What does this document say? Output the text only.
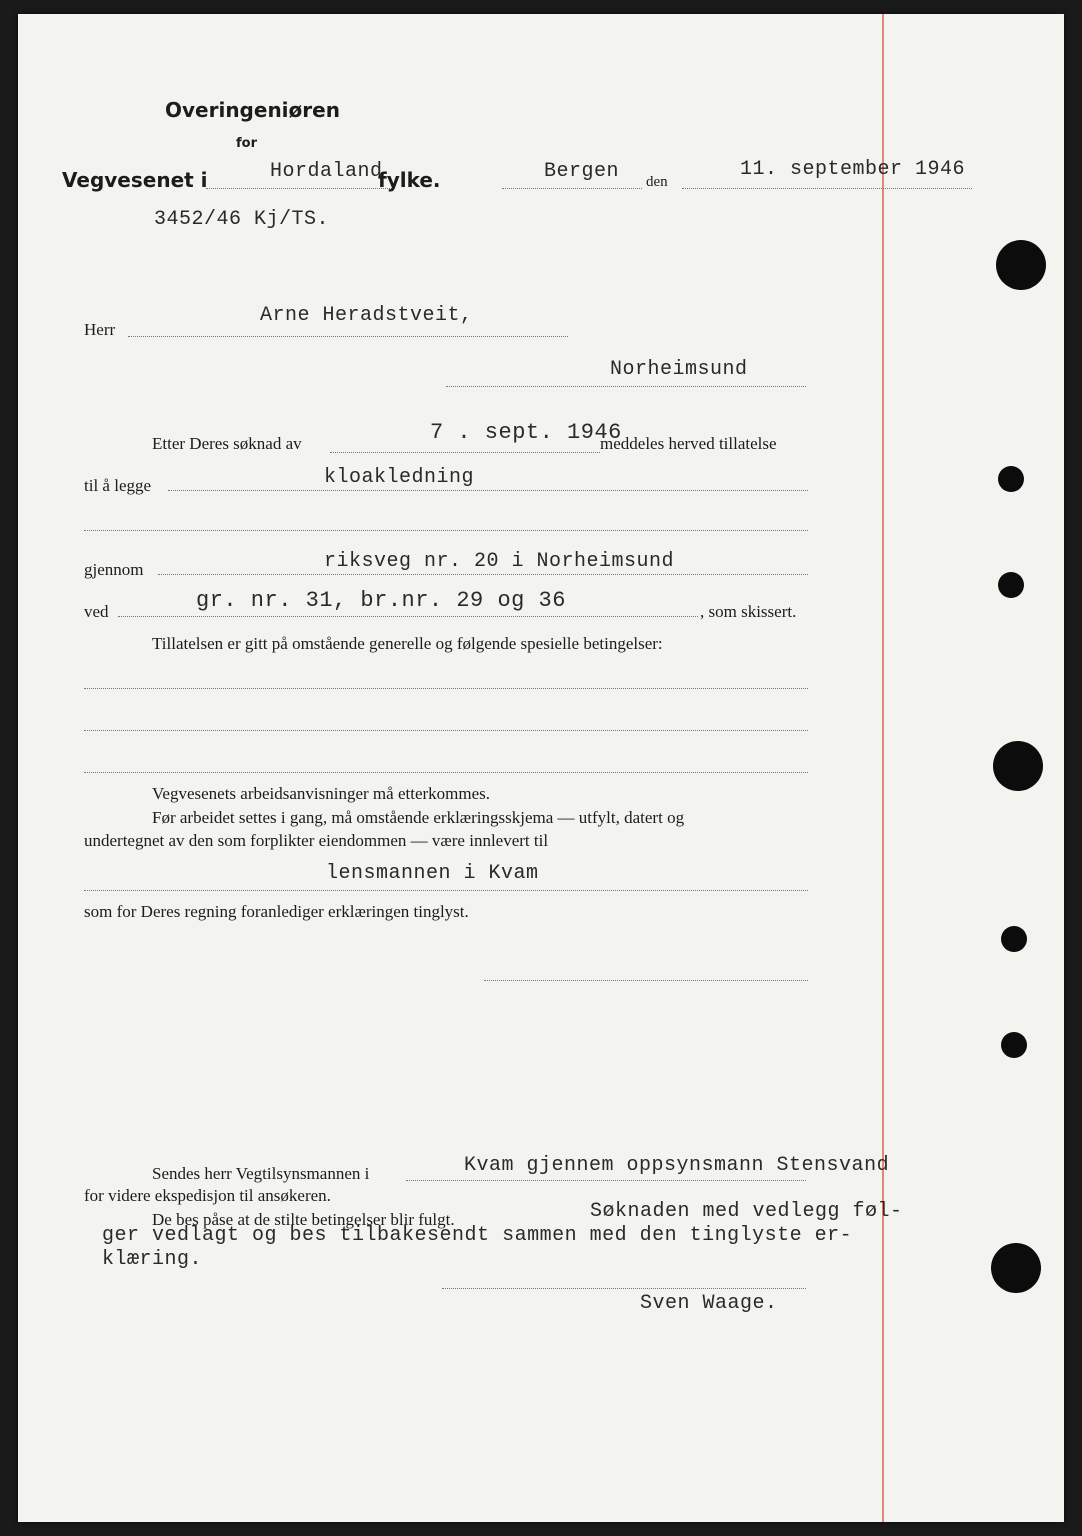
Overingeniøren
for
Vegvesenet i	Hordaland
fylke.	Bergen den
11. september 1946
3452/46 Kj/TS.
Herr
Arne Heradstveit,
Norheimsund
Etter Deres søknad av	7 . sept. 1946
meddeles herved tillatelse
til å legge	kloakledning
gjennom	riksveg nr. 20 i Norheimsund
ved	gr. nr. 31, br.nr. 29 og 36	, som skissert.
Tillatelsen er gitt på omstående generelle og følgende spesielle betingelser:
Vegvesenets arbeidsanvisninger må etterkommes.
Før arbeidet settes i gang, må omstående erklæringsskjema — utfylt, datert og
undertegnet av den som forplikter eiendommen — være innlevert til
lensmannen i Kvam
som for Deres regning foranlediger erklæringen tinglyst.
Sendes herr Vegtilsynsmannen i	Kvam gjennem oppsynsmann Stensvand
for videre ekspedisjon til ansøkeren.
De bes påse at de stilte betingelser blir fulgt.	Søknaden med vedlegg føl-
ger vedlagt og bes tilbakesendt sammen med den tinglyste er-
klæring.
Sven Waage.
